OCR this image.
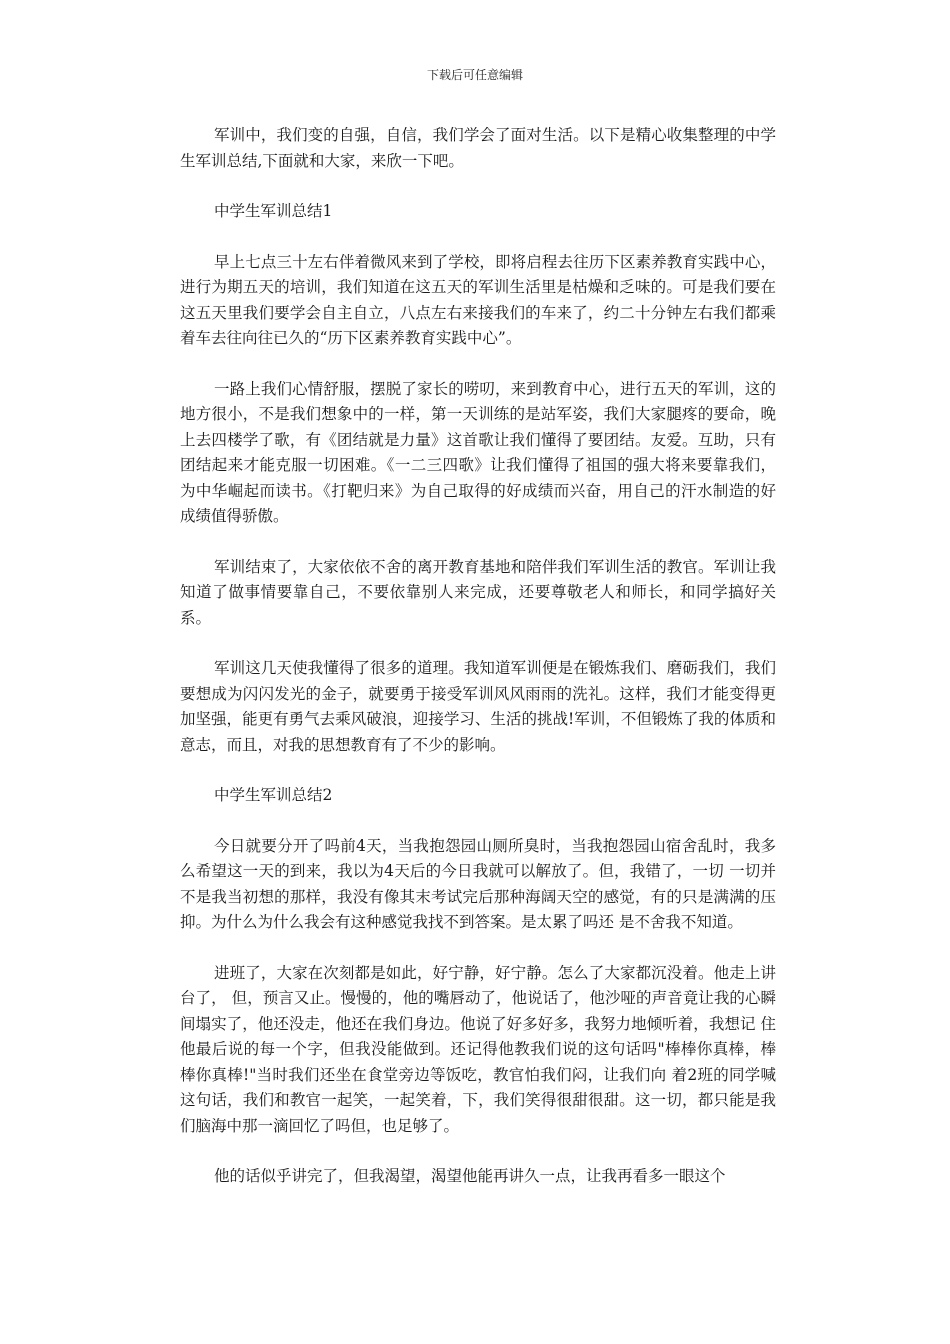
下载后可任意编辑

军训中，我们变的自强，自信，我们学会了面对生活。以下是精心收集整理的中学生军训总结,下面就和大家，来欣一下吧。

中学生军训总结1

早上七点三十左右伴着微风来到了学校，即将启程去往历下区素养教育实践中心，进行为期五天的培训，我们知道在这五天的军训生活里是枯燥和乏味的。可是我们要在这五天里我们要学会自主自立，八点左右来接我们的车来了，约二十分钟左右我们都乘着车去往向往已久的“历下区素养教育实践中心”。

一路上我们心情舒服，摆脱了家长的唠叨，来到教育中心，进行五天的军训，这的地方很小，不是我们想象中的一样，第一天训练的是站军姿，我们大家腿疼的要命，晚上去四楼学了歌，有《团结就是力量》这首歌让我们懂得了要团结。友爱。互助，只有团结起来才能克服一切困难。《一二三四歌》让我们懂得了祖国的强大将来要靠我们，为中华崛起而读书。《打靶归来》为自己取得的好成绩而兴奋，用自己的汗水制造的好成绩值得骄傲。

军训结束了，大家依依不舍的离开教育基地和陪伴我们军训生活的教官。军训让我知道了做事情要靠自己，不要依靠别人来完成，还要尊敬老人和师长，和同学搞好关系。

军训这几天使我懂得了很多的道理。我知道军训便是在锻炼我们、磨砺我们，我们要想成为闪闪发光的金子，就要勇于接受军训风风雨雨的洗礼。这样，我们才能变得更加坚强，能更有勇气去乘风破浪，迎接学习、生活的挑战!军训，不但锻炼了我的体质和意志，而且，对我的思想教育有了不少的影响。

中学生军训总结2

今日就要分开了吗前4天，当我抱怨园山厕所臭时，当我抱怨园山宿舍乱时，我多么希望这一天的到来，我以为4天后的今日我就可以解放了。但，我错了，一切 一切并不是我当初想的那样，我没有像其末考试完后那种海阔天空的感觉，有的只是满满的压抑。为什么为什么我会有这种感觉我找不到答案。是太累了吗还 是不舍我不知道。

进班了，大家在次刻都是如此，好宁静，好宁静。怎么了大家都沉没着。他走上讲台了， 但，预言又止。慢慢的，他的嘴唇动了，他说话了，他沙哑的声音竟让我的心瞬间塌实了，他还没走，他还在我们身边。他说了好多好多，我努力地倾听着，我想记 住他最后说的每一个字，但我没能做到。还记得他教我们说的这句话吗"棒棒你真棒，棒棒你真棒!"当时我们还坐在食堂旁边等饭吃，教官怕我们闷，让我们向 着2班的同学喊这句话，我们和教官一起笑，一起笑着，下，我们笑得很甜很甜。这一切，都只能是我们脑海中那一滴回忆了吗但，也足够了。

他的话似乎讲完了，但我渴望，渴望他能再讲久一点，让我再看多一眼这个
